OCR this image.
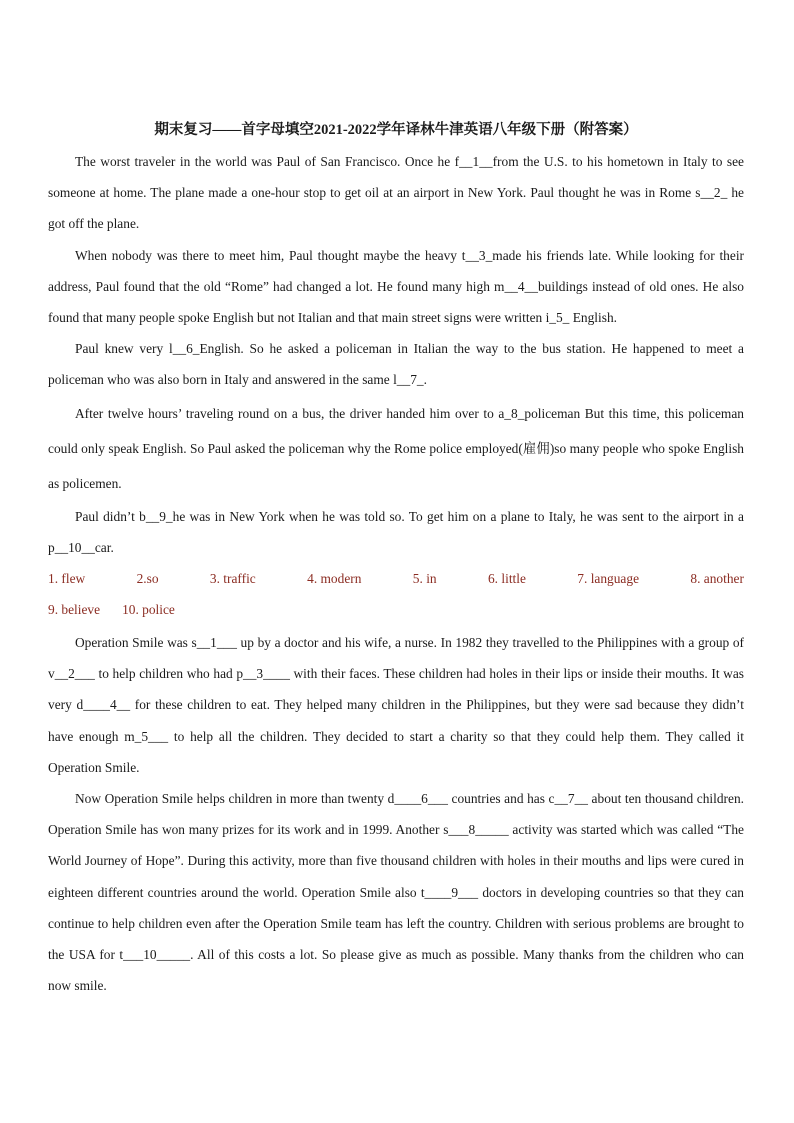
期末复习——首字母填空2021-2022学年译林牛津英语八年级下册（附答案）

The worst traveler in the world was Paul of San Francisco. Once he f__1__from the U.S. to his hometown in Italy to see someone at home. The plane made a one-hour stop to get oil at an airport in New York. Paul thought he was in Rome s__2_ he got off the plane.

When nobody was there to meet him, Paul thought maybe the heavy t__3_made his friends late. While looking for their address, Paul found that the old “Rome” had changed a lot. He found many high m__4__buildings instead of old ones. He also found that many people spoke English but not Italian and that main street signs were written i_5_ English.

Paul knew very l__6_English. So he asked a policeman in Italian the way to the bus station. He happened to meet a policeman who was also born in Italy and answered in the same l__7_.

After twelve hours’ traveling round on a bus, the driver handed him over to a_8_policeman But this time, this policeman could only speak English. So Paul asked the policeman why the Rome police employed(雇佣)so many people who spoke English as policemen.

Paul didn’t b__9_he was in New York when he was told so. To get him on a plane to Italy, he was sent to the airport in a p__10__car.

1. flew	2.so	3. traffic	4. modern	5. in	6. little	7. language	8. another
9. believe 10. police

Operation Smile was s__1___ up by a doctor and his wife, a nurse. In 1982 they travelled to the Philippines with a group of v__2___ to help children who had p__3____ with their faces. These children had holes in their lips or inside their mouths. It was very d____4__ for these children to eat. They helped many children in the Philippines, but they were sad because they didn’t have enough m_5___ to help all the children. They decided to start a charity so that they could help them. They called it Operation Smile.

Now Operation Smile helps children in more than twenty d____6___ countries and has c__7__ about ten thousand children. Operation Smile has won many prizes for its work and in 1999. Another s___8_____ activity was started which was called “The World Journey of Hope”. During this activity, more than five thousand children with holes in their mouths and lips were cured in eighteen different countries around the world. Operation Smile also t____9___ doctors in developing countries so that they can continue to help children even after the Operation Smile team has left the country. Children with serious problems are brought to the USA for t___10_____. All of this costs a lot. So please give as much as possible. Many thanks from the children who can now smile.
